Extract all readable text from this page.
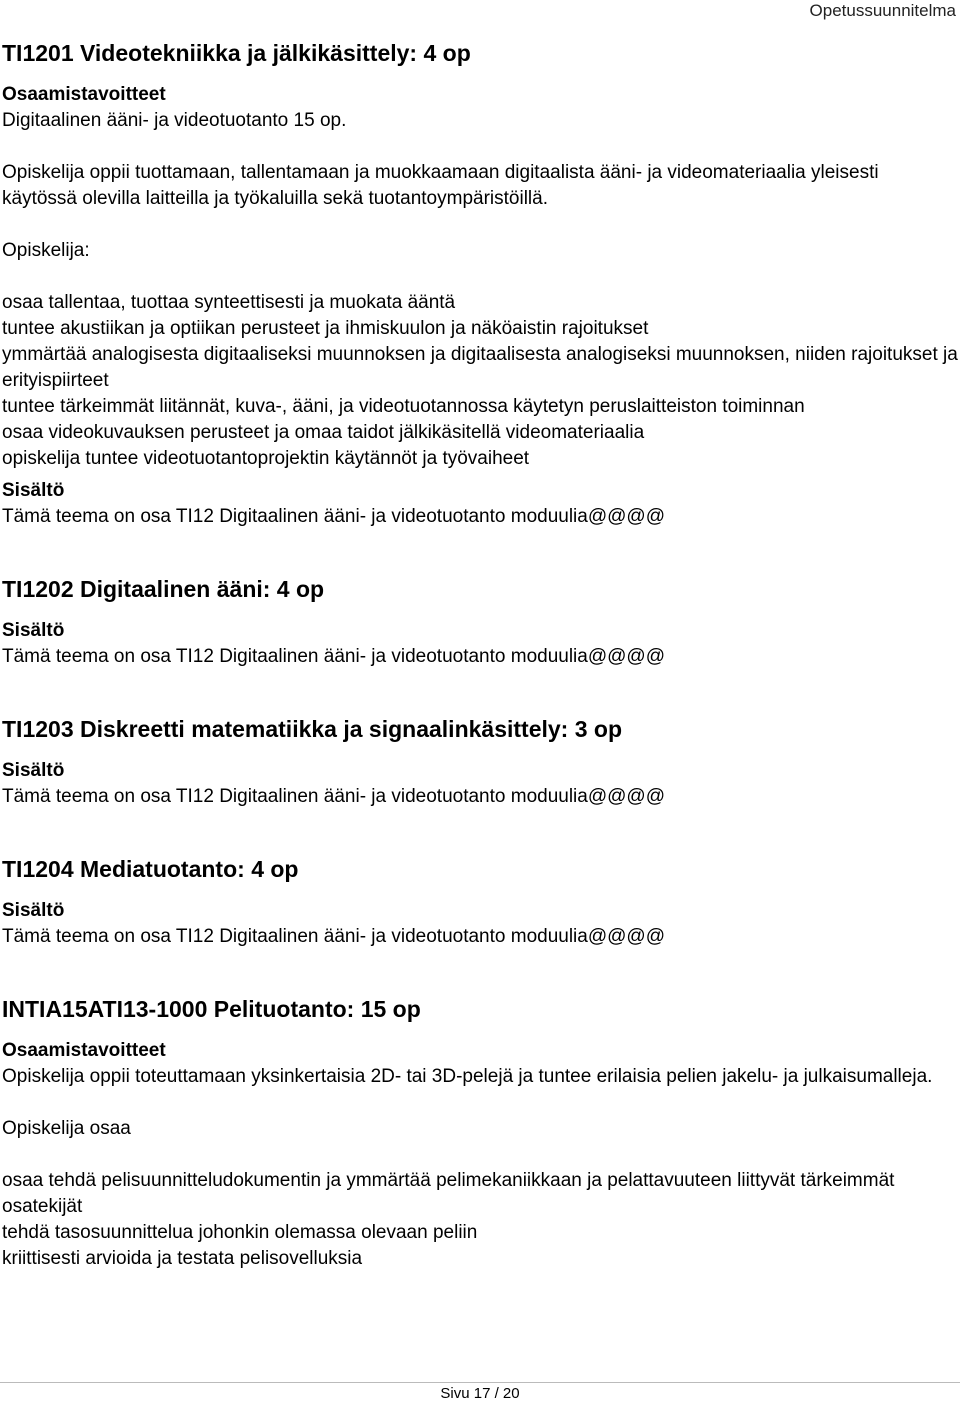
Opetussuunnitelma
TI1201 Videotekniikka ja jälkikäsittely: 4 op
Osaamistavoitteet

Digitaalinen ääni- ja videotuotanto 15 op.

Opiskelija oppii tuottamaan, tallentamaan ja muokkaamaan digitaalista ääni- ja videomateriaalia yleisesti käytössä olevilla laitteilla ja työkaluilla sekä tuotantoympäristöillä.

Opiskelija:

osaa tallentaa, tuottaa synteettisesti ja muokata ääntä
tuntee akustiikan ja optiikan perusteet ja ihmiskuulon ja näköaistin rajoitukset
ymmärtää analogisesta digitaaliseksi muunnoksen ja digitaalisesta analogiseksi muunnoksen, niiden rajoitukset ja erityispiirteet
tuntee tärkeimmät liitännät, kuva-, ääni, ja videotuotannossa käytetyn peruslaitteiston toiminnan
osaa videokuvauksen perusteet ja omaa taidot jälkikäsitellä videomateriaalia
opiskelija tuntee videotuotantoprojektin käytännöt ja työvaiheet
Sisältö

Tämä teema on osa TI12 Digitaalinen ääni- ja videotuotanto moduulia@@@@

TI1202 Digitaalinen ääni: 4 op
Sisältö

Tämä teema on osa TI12 Digitaalinen ääni- ja videotuotanto moduulia@@@@

TI1203 Diskreetti matematiikka ja signaalinkäsittely: 3 op
Sisältö

Tämä teema on osa TI12 Digitaalinen ääni- ja videotuotanto moduulia@@@@

TI1204 Mediatuotanto: 4 op
Sisältö

Tämä teema on osa TI12 Digitaalinen ääni- ja videotuotanto moduulia@@@@

INTIA15ATI13-1000 Pelituotanto: 15 op
Osaamistavoitteet

Opiskelija oppii toteuttamaan yksinkertaisia 2D- tai 3D-pelejä ja tuntee erilaisia pelien jakelu- ja julkaisumalleja.

Opiskelija osaa

osaa tehdä pelisuunnitteludokumentin ja ymmärtää pelimekaniikkaan ja pelattavuuteen liittyvät tärkeimmät osatekijät
tehdä tasosuunnittelua johonkin olemassa olevaan peliin
kriittisesti arvioida ja testata pelisovelluksia
Sivu 17 / 20
